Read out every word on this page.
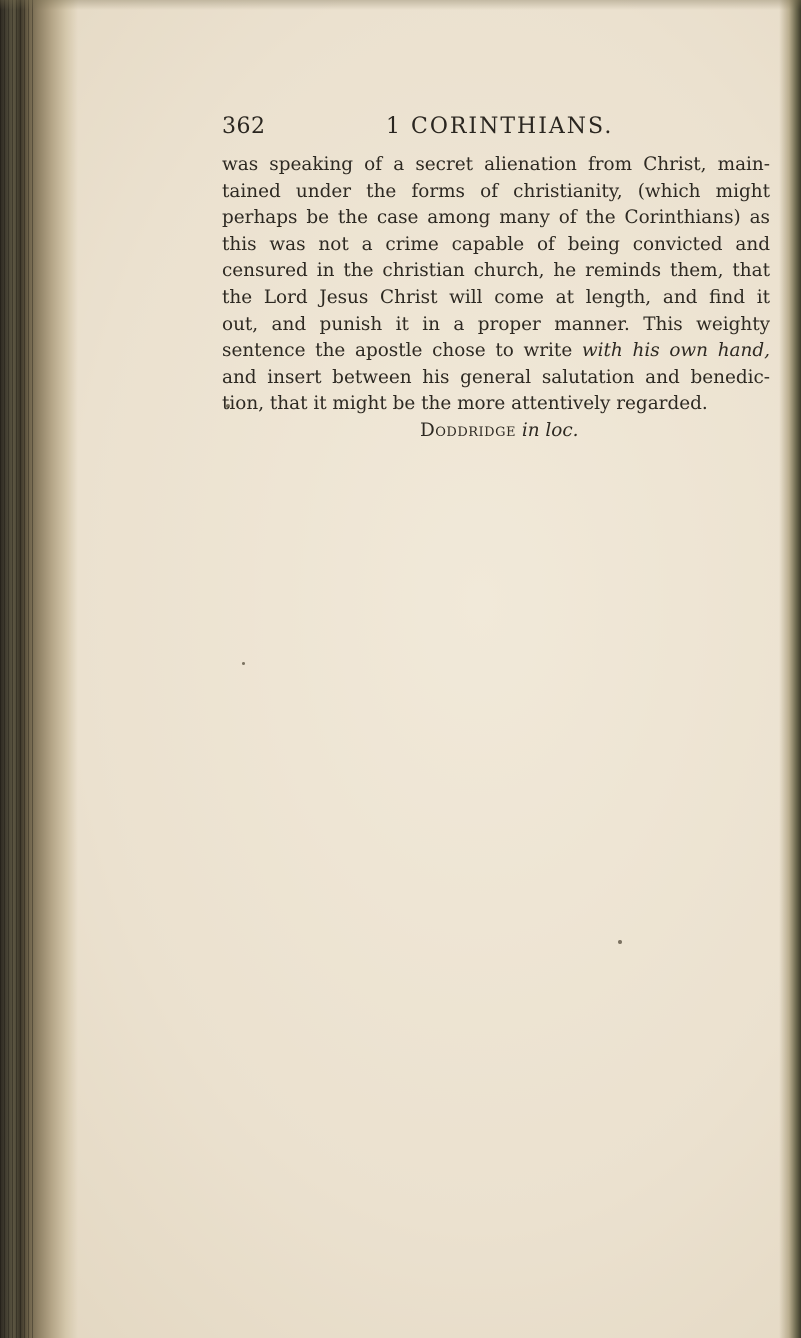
362	1 CORINTHIANS.
was speaking of a secret alienation from Christ, main-
tained under the forms of christianity, (which might
perhaps be the case among many of the Corinthians) as
this was not a crime capable of being convicted and
censured in the christian church, he reminds them, that
the Lord Jesus Christ will come at length, and find it
out, and punish it in a proper manner. This weighty
sentence the apostle chose to write with his own hand,
and insert between his general salutation and benedic-
tion, that it might be the more attentively regarded.
Doddridge in loc.
